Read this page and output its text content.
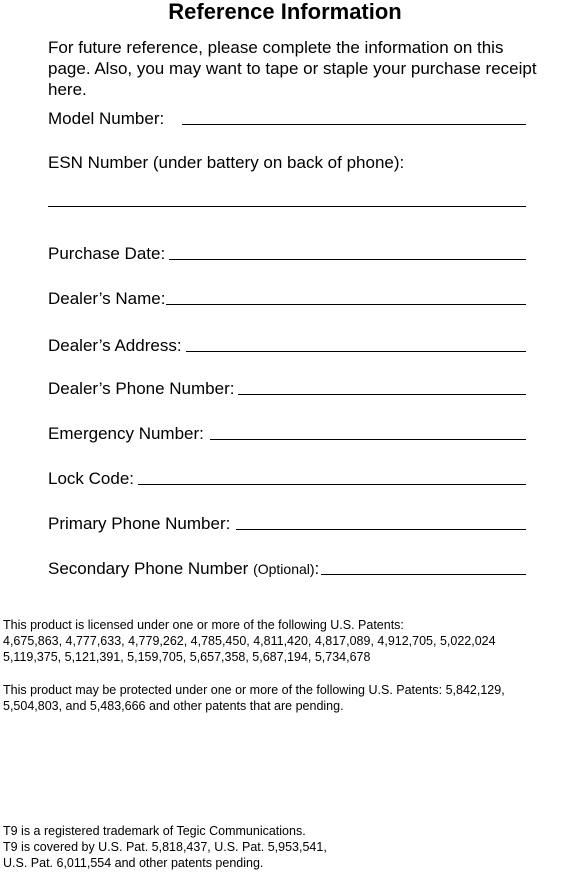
Reference Information
For future reference, please complete the information on this page. Also, you may want to tape or staple your purchase receipt here.
Model Number:
ESN Number (under battery on back of phone):
Purchase Date:
Dealer’s Name:
Dealer’s Address:
Dealer’s Phone Number:
Emergency Number:
Lock Code:
Primary Phone Number:
Secondary Phone Number (Optional):
This product is licensed under one or more of the following U.S. Patents:
4,675,863, 4,777,633, 4,779,262, 4,785,450, 4,811,420, 4,817,089, 4,912,705, 5,022,024
5,119,375, 5,121,391, 5,159,705, 5,657,358, 5,687,194, 5,734,678
This product may be protected under one or more of the following U.S. Patents: 5,842,129,
5,504,803, and 5,483,666 and other patents that are pending.
T9 is a registered trademark of Tegic Communications.
T9 is covered by U.S. Pat. 5,818,437, U.S. Pat. 5,953,541,
U.S. Pat. 6,011,554 and other patents pending.
